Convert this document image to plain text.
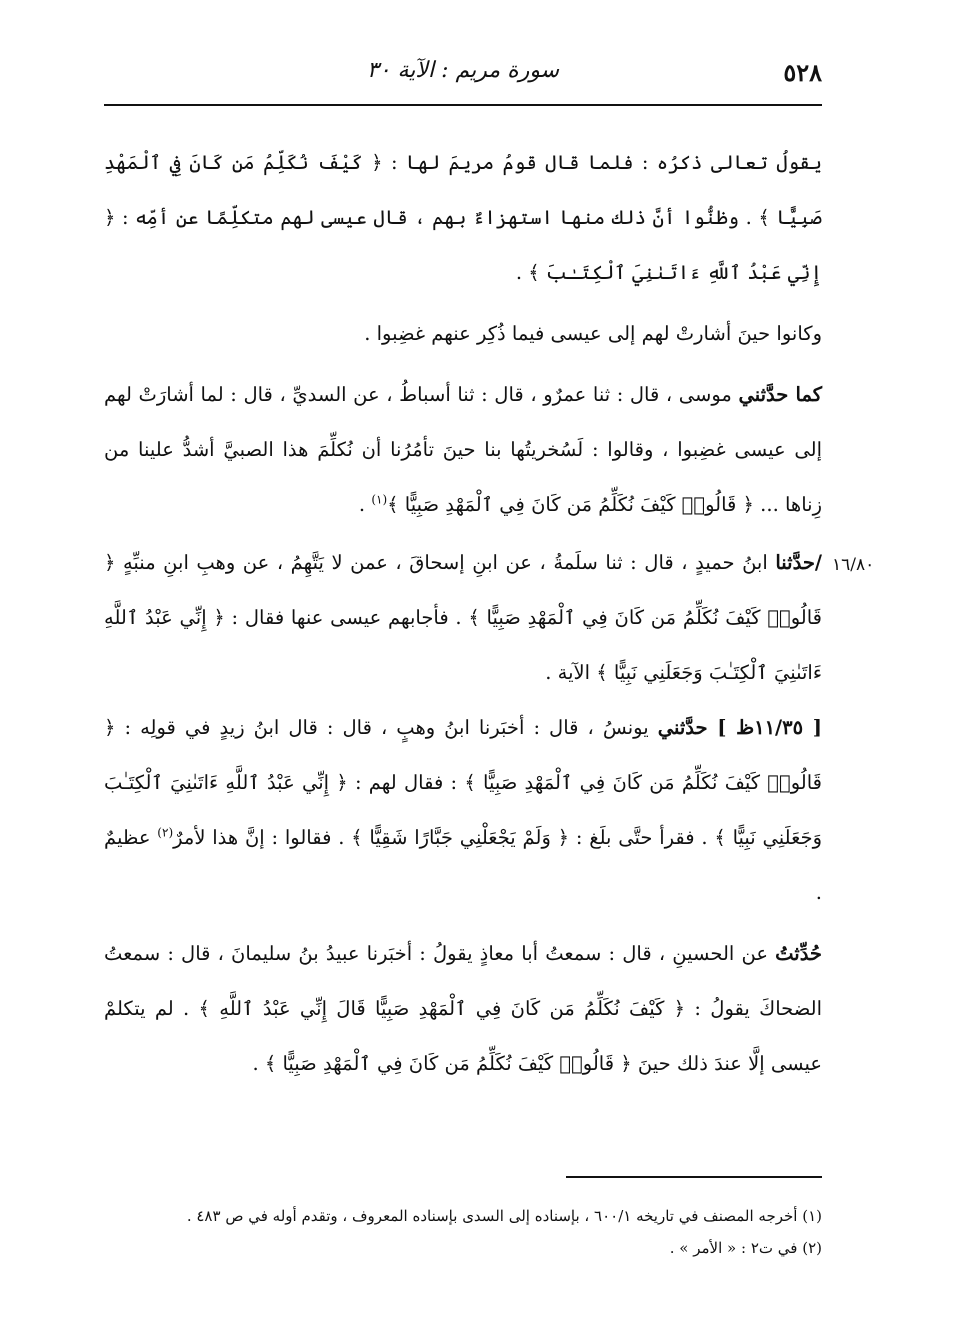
٥٢٨
سورة مريم : الآية ٣٠
١٦/٨٠

يقولُ تعالى ذكرُه : فلما قال قومُ مريمَ لها : ﴿ كَيْفَ نُكَلِّمُ مَن كَانَ فِي ٱلْمَهْدِ صَبِيًّا ﴾ . وظنُّوا أنَّ ذلك منها استهزاءٌ بهم ، قال عيسى لهم متكلِّمًا عن أمِّه : ﴿ إِنِّي عَبْدُ ٱللَّهِ ءَاتَىٰنِيَ ٱلْكِتَـٰبَ ﴾ .

وكانوا حينَ أشارتْ لهم إلى عيسى فيما ذُكِر عنهم غضِبوا .

كما حدَّثني موسى ، قال : ثنا عمرٌو ، قال : ثنا أسباطُ ، عن السديِّ ، قال : لما أشارَتْ لهم إلى عيسى غضِبوا ، وقالوا : لَسُخريتُها بنا حينَ تأمُرُنا أن نُكلِّمَ هذا الصبيَّ أشدُّ علينا من زِناها ... ﴿ قَالُوا۟ كَيْفَ نُكَلِّمُ مَن كَانَ فِي ٱلْمَهْدِ صَبِيًّا ﴾$^{(١)}$ .

/حدَّثنا ابنُ حميدٍ ، قال : ثنا سلَمةُ ، عن ابنِ إسحاقَ ، عمن لا يَتَّهِمُ ، عن وهبِ ابنِ منبِّهٍ ﴿ قَالُوا۟ كَيْفَ نُكَلِّمُ مَن كَانَ فِي ٱلْمَهْدِ صَبِيًّا ﴾ . فأجابهم عيسى عنها فقال : ﴿ إِنِّي عَبْدُ ٱللَّهِ ءَاتَىٰنِيَ ٱلْكِتَـٰبَ وَجَعَلَنِي نَبِيًّا ﴾ الآية .

[ ١١/٣٥ظ ] حدَّثني يونسُ ، قال : أخبَرنا ابنُ وهبٍ ، قال : قال ابنُ زيدٍ في قولِه : ﴿ قَالُوا۟ كَيْفَ نُكَلِّمُ مَن كَانَ فِي ٱلْمَهْدِ صَبِيًّا ﴾ : فقال لهم : ﴿ إِنِّي عَبْدُ ٱللَّهِ ءَاتَىٰنِيَ ٱلْكِتَـٰبَ وَجَعَلَنِي نَبِيًّا ﴾ . فقرأ حتَّى بلَغ : ﴿ وَلَمْ يَجْعَلْنِي جَبَّارًا شَقِيًّا ﴾ . فقالوا : إنَّ هذا لأمرٌ$^{(٢)}$ عظيمٌ .

حُدِّثتُ عن الحسينِ ، قال : سمعتُ أبا معاذٍ يقولُ : أخبَرنا عبيدُ بنُ سليمانَ ، قال : سمعتُ الضحاكَ يقولُ : ﴿ كَيْفَ نُكَلِّمُ مَن كَانَ فِي ٱلْمَهْدِ صَبِيًّا قَالَ إِنِّي عَبْدُ ٱللَّهِ ﴾ . لم يتكلمْ عيسى إلَّا عندَ ذلك حينَ ﴿ قَالُوا۟ كَيْفَ نُكَلِّمُ مَن كَانَ فِي ٱلْمَهْدِ صَبِيًّا ﴾ .

(١) أخرجه المصنف في تاريخه ٦٠٠/١ ، بإسناده إلى السدى بإسناده المعروف ، وتقدم أوله في ص ٤٨٣ .

(٢) في ت٢ : « الأمر » .
